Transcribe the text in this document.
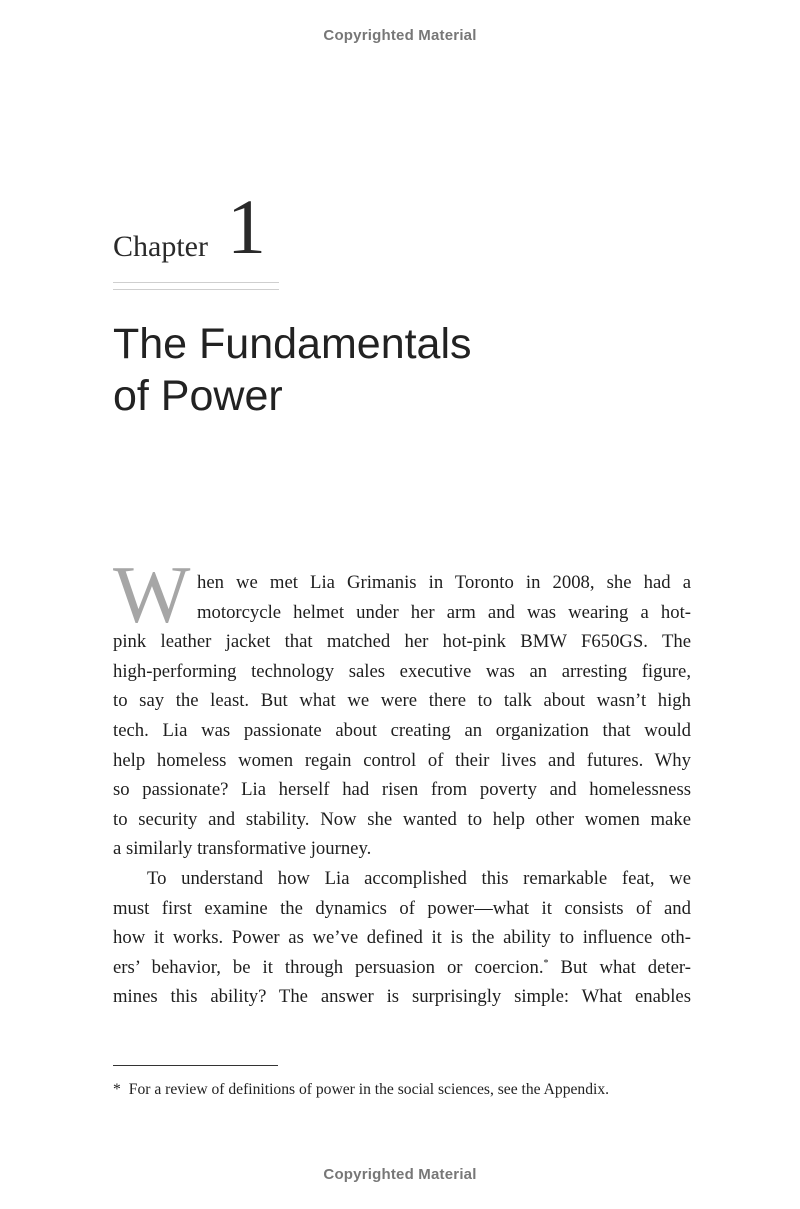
Copyrighted Material
Chapter 1
The Fundamentals
of Power
W hen we met Lia Grimanis in Toronto in 2008, she had a
motorcycle helmet under her arm and was wearing a hot-
pink leather jacket that matched her hot-pink BMW F650GS. The
high-performing technology sales executive was an arresting figure,
to say the least. But what we were there to talk about wasn’t high
tech. Lia was passionate about creating an organization that would
help homeless women regain control of their lives and futures. Why
so passionate? Lia herself had risen from poverty and homelessness
to security and stability. Now she wanted to help other women make
a similarly transformative journey.
To understand how Lia accomplished this remarkable feat, we
must first examine the dynamics of power—what it consists of and
how it works. Power as we’ve defined it is the ability to influence oth-
ers’ behavior, be it through persuasion or coercion.* But what deter-
mines this ability? The answer is surprisingly simple: What enables
* For a review of definitions of power in the social sciences, see the Appendix.
Copyrighted Material
